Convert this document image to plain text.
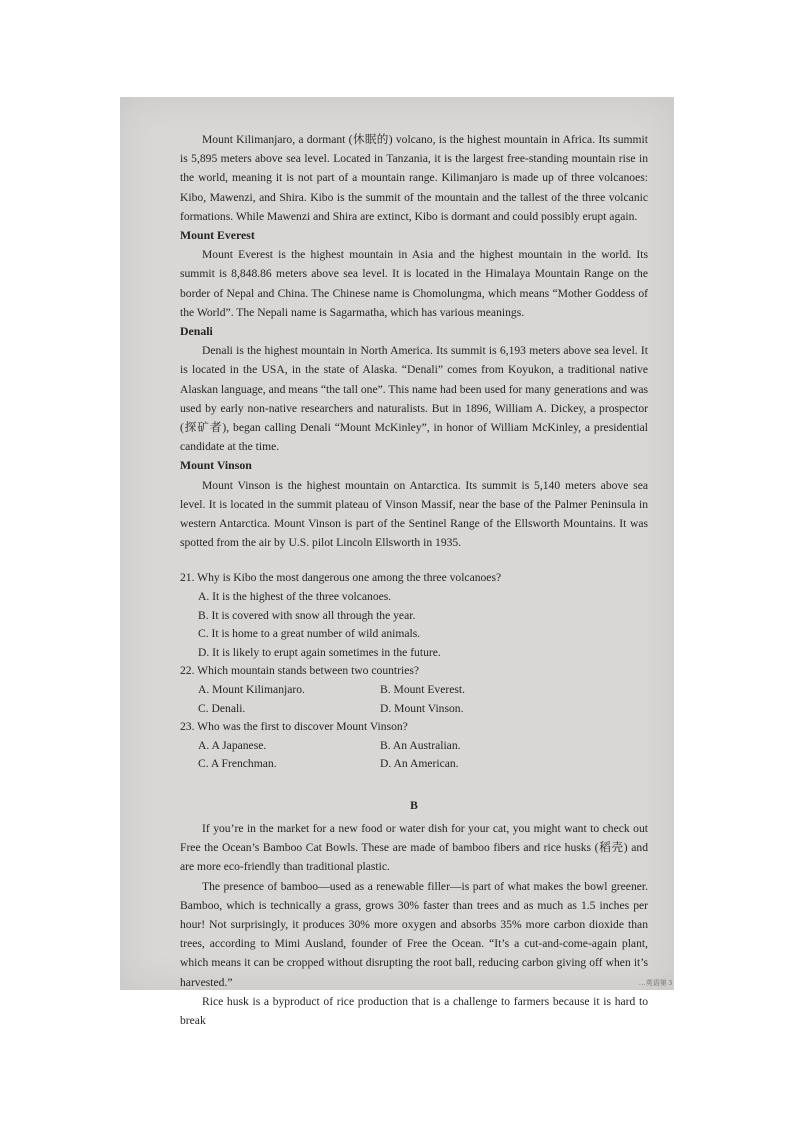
Mount Kilimanjaro, a dormant (休眠的) volcano, is the highest mountain in Africa. Its summit is 5,895 meters above sea level. Located in Tanzania, it is the largest free-standing mountain rise in the world, meaning it is not part of a mountain range. Kilimanjaro is made up of three volcanoes: Kibo, Mawenzi, and Shira. Kibo is the summit of the mountain and the tallest of the three volcanic formations. While Mawenzi and Shira are extinct, Kibo is dormant and could possibly erupt again.

Mount Everest

Mount Everest is the highest mountain in Asia and the highest mountain in the world. Its summit is 8,848.86 meters above sea level. It is located in the Himalaya Mountain Range on the border of Nepal and China. The Chinese name is Chomolungma, which means “Mother Goddess of the World”. The Nepali name is Sagarmatha, which has various meanings.

Denali

Denali is the highest mountain in North America. Its summit is 6,193 meters above sea level. It is located in the USA, in the state of Alaska. “Denali” comes from Koyukon, a traditional native Alaskan language, and means “the tall one”. This name had been used for many generations and was used by early non-native researchers and naturalists. But in 1896, William A. Dickey, a prospector (探矿者), began calling Denali “Mount McKinley”, in honor of William McKinley, a presidential candidate at the time.

Mount Vinson

Mount Vinson is the highest mountain on Antarctica. Its summit is 5,140 meters above sea level. It is located in the summit plateau of Vinson Massif, near the base of the Palmer Peninsula in western Antarctica. Mount Vinson is part of the Sentinel Range of the Ellsworth Mountains. It was spotted from the air by U.S. pilot Lincoln Ellsworth in 1935.

21. Why is Kibo the most dangerous one among the three volcanoes?
A. It is the highest of the three volcanoes.
B. It is covered with snow all through the year.
C. It is home to a great number of wild animals.
D. It is likely to erupt again sometimes in the future.
22. Which mountain stands between two countries?
A. Mount Kilimanjaro.	B. Mount Everest.
C. Denali.	D. Mount Vinson.
23. Who was the first to discover Mount Vinson?
A. A Japanese.	B. An Australian.
C. A Frenchman.	D. An American.
B

If you’re in the market for a new food or water dish for your cat, you might want to check out Free the Ocean’s Bamboo Cat Bowls. These are made of bamboo fibers and rice husks (稻壳) and are more eco-friendly than traditional plastic.

The presence of bamboo—used as a renewable filler—is part of what makes the bowl greener. Bamboo, which is technically a grass, grows 30% faster than trees and as much as 1.5 inches per hour! Not surprisingly, it produces 30% more oxygen and absorbs 35% more carbon dioxide than trees, according to Mimi Ausland, founder of Free the Ocean. “It’s a cut-and-come-again plant, which means it can be cropped without disrupting the root ball, reducing carbon giving off when it’s harvested.”

Rice husk is a byproduct of rice production that is a challenge to farmers because it is hard to break

…英语第 3
